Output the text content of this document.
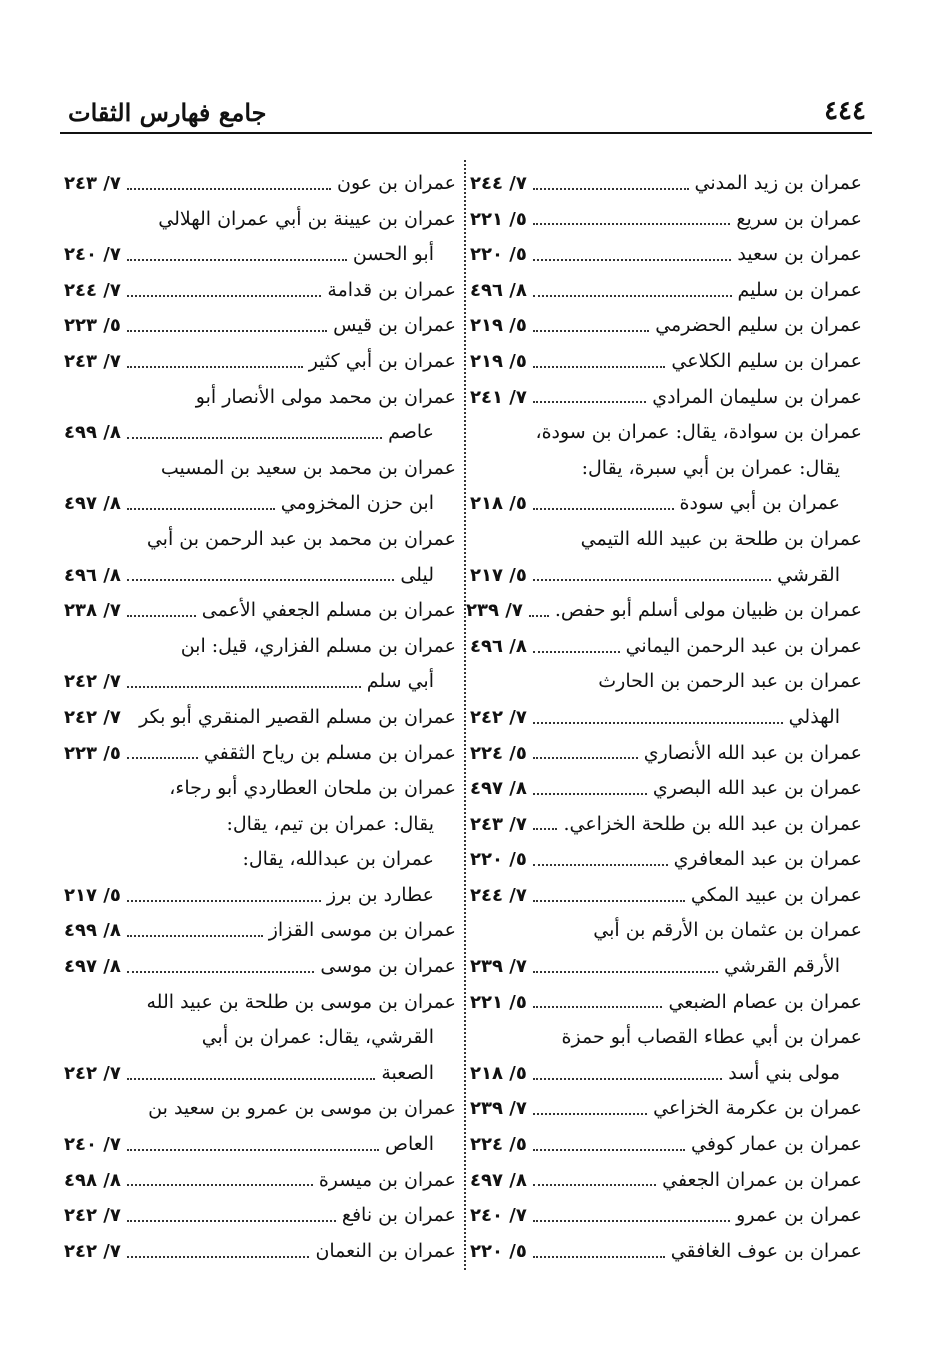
٤٤٤
جامع فهارس الثقات
عمران بن زيد المدني
٧/ ٢٤٤
عمران بن سريع
٥/ ٢٢١
عمران بن سعيد
٥/ ٢٢٠
عمران بن سليم
٨/ ٤٩٦
عمران بن سليم الحضرمي
٥/ ٢١٩
عمران بن سليم الكلاعي
٥/ ٢١٩
عمران بن سليمان المرادي
٧/ ٢٤١
عمران بن سوادة، يقال: عمران بن سودة،
يقال: عمران بن أبي سبرة، يقال:
عمران بن أبي سودة
٥/ ٢١٨
عمران بن طلحة بن عبيد الله التيمي
القرشي
٥/ ٢١٧
عمران بن ظبيان مولى أسلم أبو حفص.
٧/ ٢٣٩
عمران بن عبد الرحمن اليماني
٨/ ٤٩٦
عمران بن عبد الرحمن بن الحارث
الهذلي
٧/ ٢٤٢
عمران بن عبد الله الأنصاري
٥/ ٢٢٤
عمران بن عبد الله البصري
٨/ ٤٩٧
عمران بن عبد الله بن طلحة الخزاعي.
٧/ ٢٤٣
عمران بن عبد المعافري
٥/ ٢٢٠
عمران بن عبيد المكي
٧/ ٢٤٤
عمران بن عثمان بن الأرقم بن أبي
الأرقم القرشي
٧/ ٢٣٩
عمران بن عصام الضبعي
٥/ ٢٢١
عمران بن أبي عطاء القصاب أبو حمزة
مولى بني أسد
٥/ ٢١٨
عمران بن عكرمة الخزاعي
٧/ ٢٣٩
عمران بن عمار كوفي
٥/ ٢٢٤
عمران بن عمران الجعفي
٨/ ٤٩٧
عمران بن عمرو
٧/ ٢٤٠
عمران بن عوف الغافقي
٥/ ٢٢٠
عمران بن عون
٧/ ٢٤٣
عمران بن عيينة بن أبي عمران الهلالي
أبو الحسن
٧/ ٢٤٠
عمران بن قدامة
٧/ ٢٤٤
عمران بن قيس
٥/ ٢٢٣
عمران بن أبي كثير
٧/ ٢٤٣
عمران بن محمد مولى الأنصار أبو
عاصم
٨/ ٤٩٩
عمران بن محمد بن سعيد بن المسيب
ابن حزن المخزومي
٨/ ٤٩٧
عمران بن محمد بن عبد الرحمن بن أبي
ليلى
٨/ ٤٩٦
عمران بن مسلم الجعفي الأعمى
٧/ ٢٣٨
عمران بن مسلم الفزاري، قيل: ابن
أبي سلم
٧/ ٢٤٢
عمران بن مسلم القصير المنقري أبو بكر
٧/ ٢٤٢
عمران بن مسلم بن رياح الثقفي
٥/ ٢٢٣
عمران بن ملحان العطاردي أبو رجاء،
يقال: عمران بن تيم، يقال:
عمران بن عبدالله، يقال:
عطارد بن برز
٥/ ٢١٧
عمران بن موسى القزاز
٨/ ٤٩٩
عمران بن موسى
٨/ ٤٩٧
عمران بن موسى بن طلحة بن عبيد الله
القرشي، يقال: عمران بن أبي
الصعبة
٧/ ٢٤٢
عمران بن موسى بن عمرو بن سعيد بن
العاص
٧/ ٢٤٠
عمران بن ميسرة
٨/ ٤٩٨
عمران بن نافع
٧/ ٢٤٢
عمران بن النعمان
٧/ ٢٤٢
